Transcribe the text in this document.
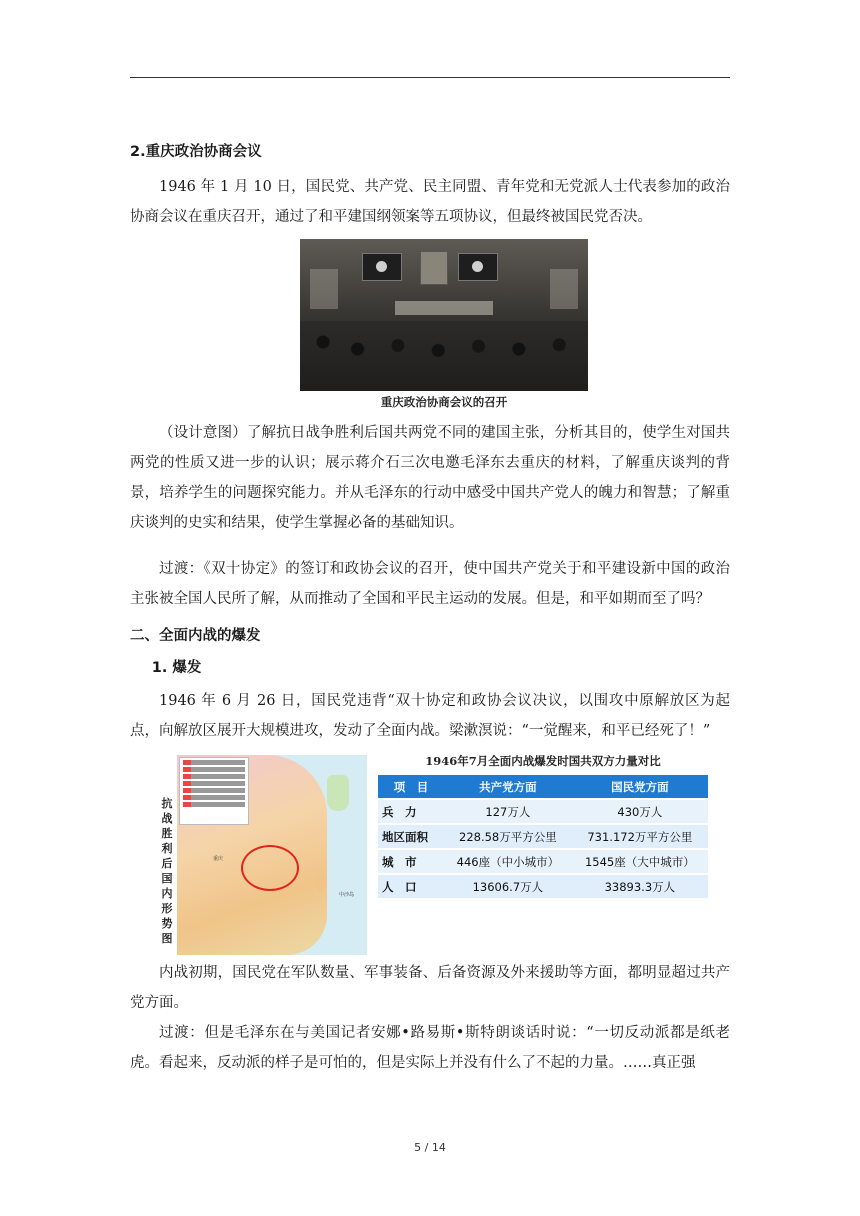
2.重庆政治协商会议

1946 年 1 月 10 日，国民党、共产党、民主同盟、青年党和无党派人士代表参加的政治协商会议在重庆召开，通过了和平建国纲领案等五项协议，但最终被国民党否决。

重庆政治协商会议的召开

（设计意图）了解抗日战争胜利后国共两党不同的建国主张，分析其目的，使学生对国共两党的性质又进一步的认识；展示蒋介石三次电邀毛泽东去重庆的材料，了解重庆谈判的背景，培养学生的问题探究能力。并从毛泽东的行动中感受中国共产党人的魄力和智慧；了解重庆谈判的史实和结果，使学生掌握必备的基础知识。

过渡：《双十协定》的签订和政协会议的召开，使中国共产党关于和平建设新中国的政治主张被全国人民所了解，从而推动了全国和平民主运动的发展。但是，和平如期而至了吗？

二、全面内战的爆发
1. 爆发

1946 年 6 月 26 日，国民党违背“双十协定和政协会议决议，以围攻中原解放区为起点，向解放区展开大规模进攻，发动了全面内战。梁漱溟说：“一觉醒来，和平已经死了！”

抗战胜利后国内形势图
重庆
中沙岛
1946年7月全面内战爆发时国共双方力量对比
项　目	共产党方面	国民党方面
兵　力	127万人	430万人
地区面积	228.58万平方公里	731.172万平方公里
城　市	446座（中小城市）	1545座（大中城市）
人　口	13606.7万人	33893.3万人

内战初期，国民党在军队数量、军事装备、后备资源及外来援助等方面，都明显超过共产党方面。

过渡：但是毛泽东在与美国记者安娜•路易斯•斯特朗谈话时说：“一切反动派都是纸老虎。看起来，反动派的样子是可怕的，但是实际上并没有什么了不起的力量。……真正强

5 / 14
